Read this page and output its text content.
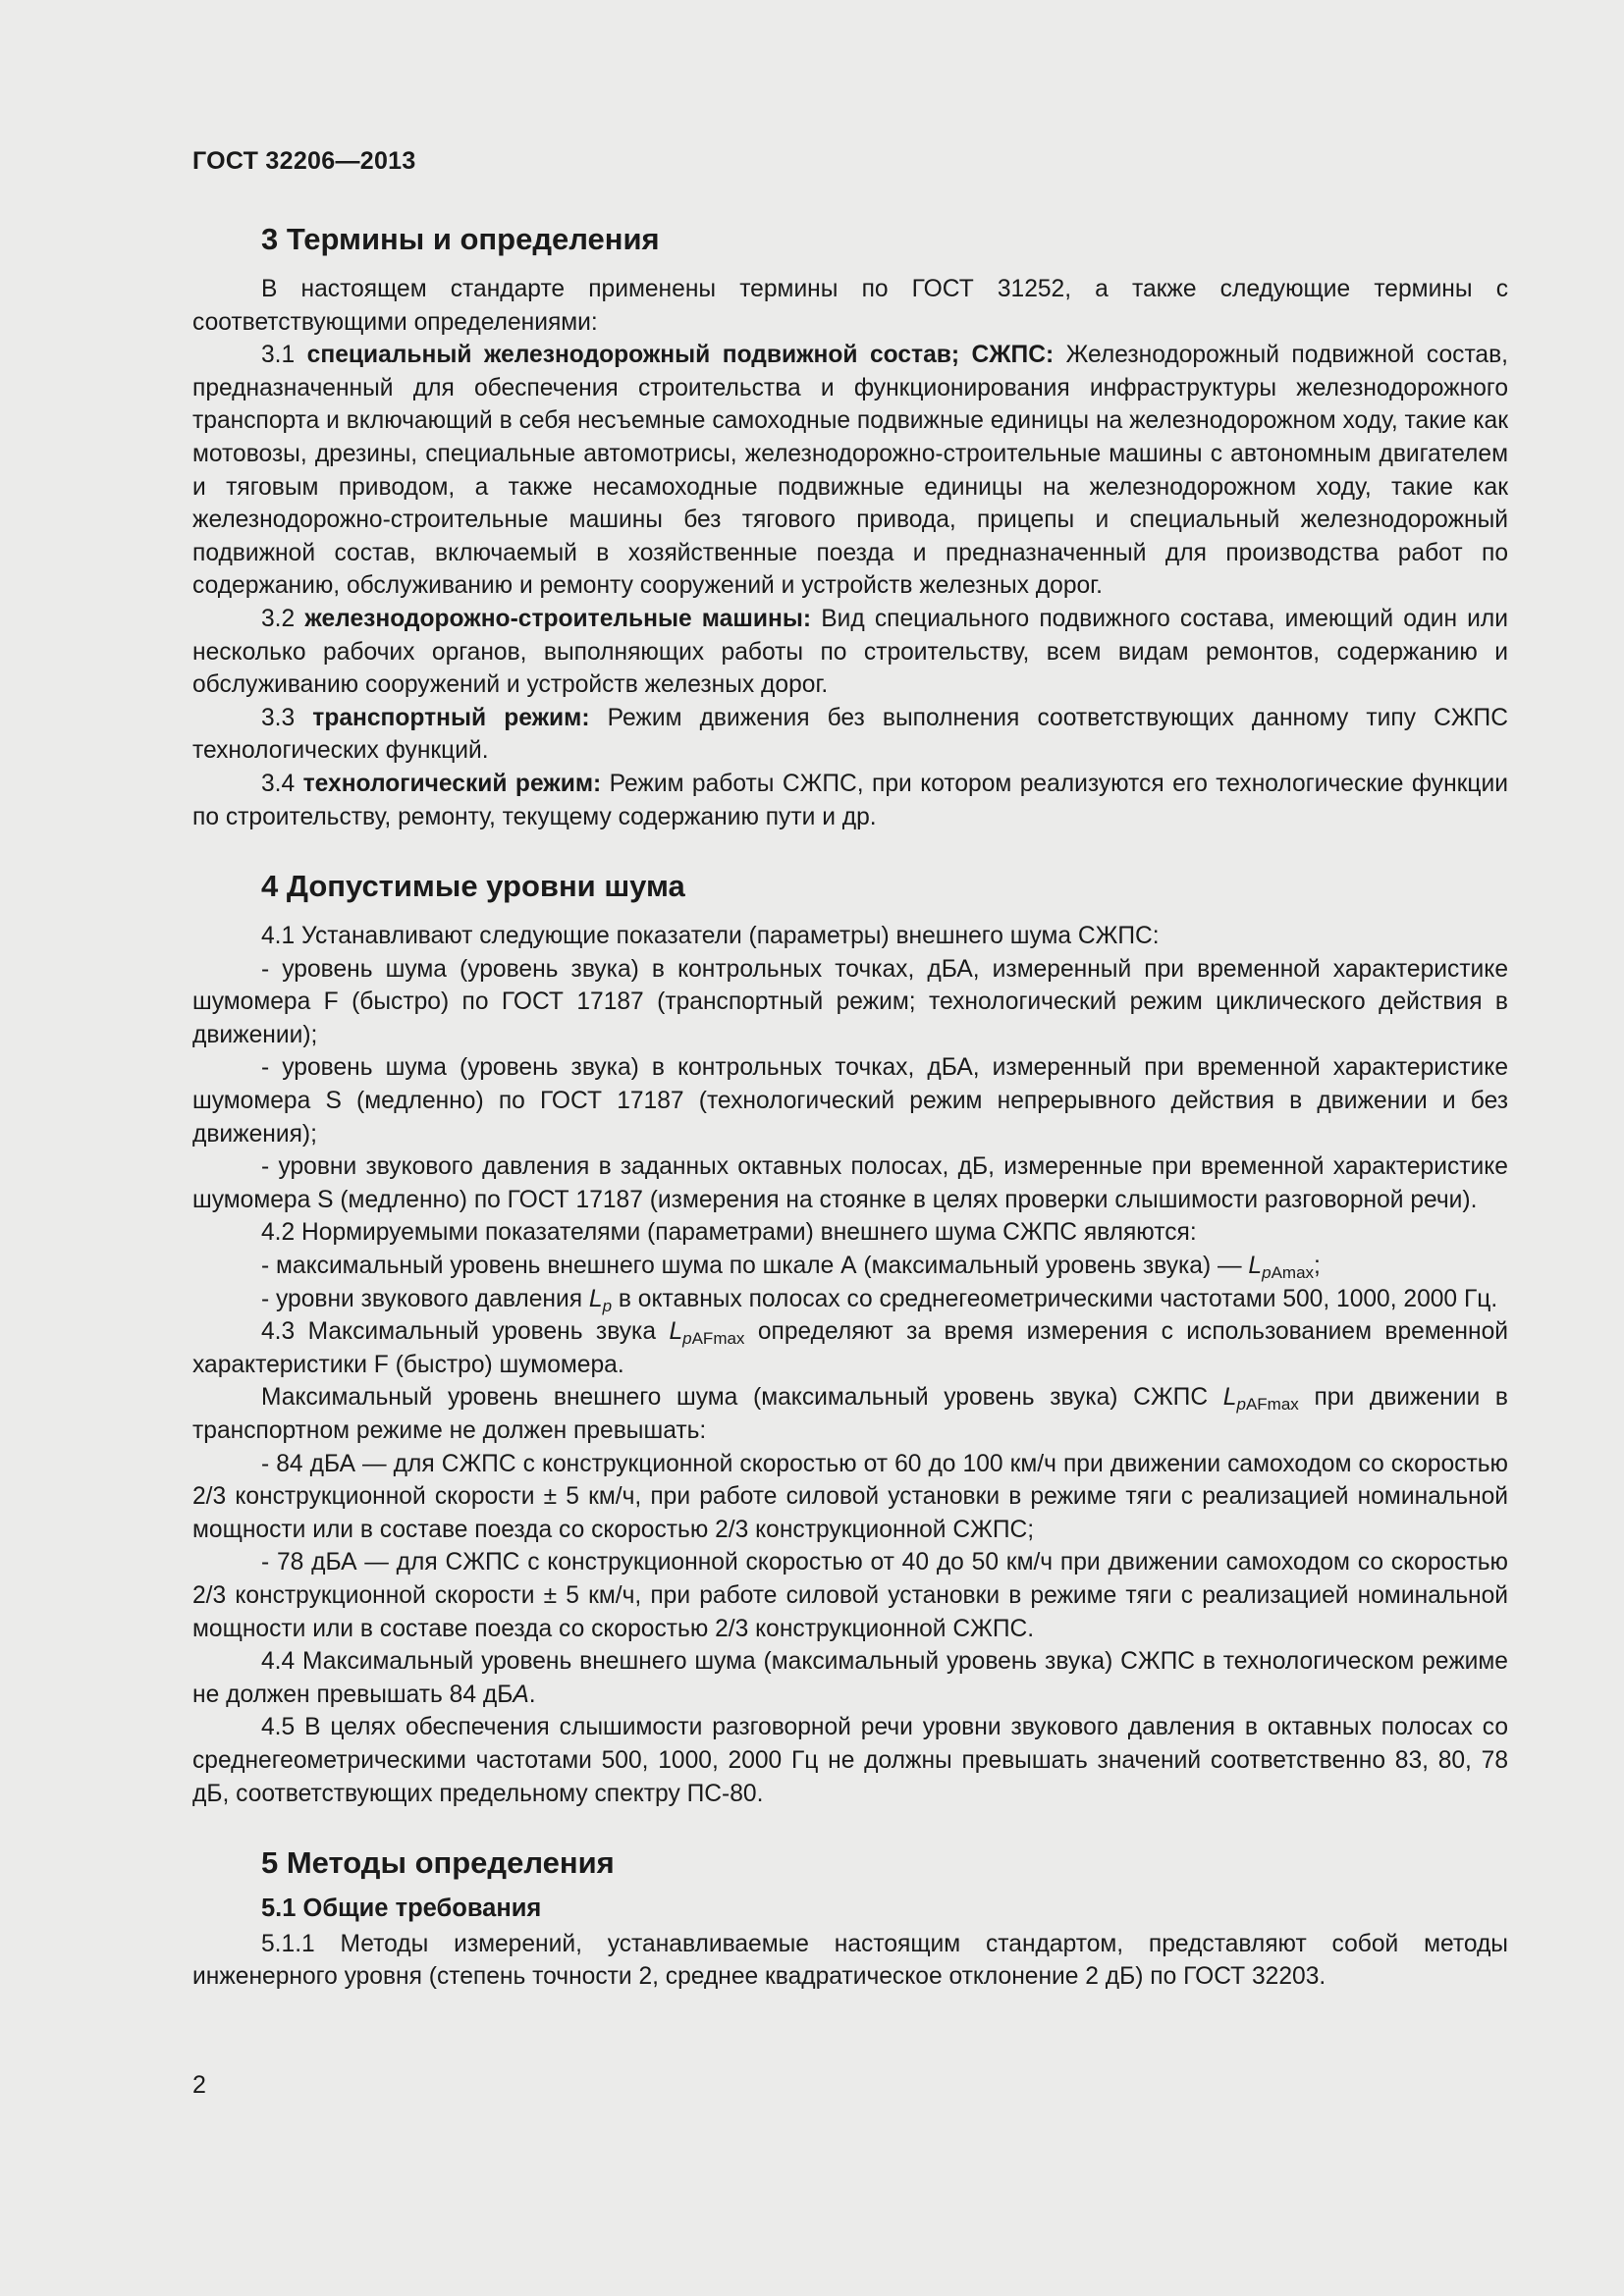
ГОСТ 32206—2013
3 Термины и определения

В настоящем стандарте применены термины по ГОСТ 31252, а также следующие термины с соответствующими определениями:

3.1 специальный железнодорожный подвижной состав; СЖПС: Железнодорожный подвижной состав, предназначенный для обеспечения строительства и функционирования инфраструктуры железнодорожного транспорта и включающий в себя несъемные самоходные подвижные единицы на железнодорожном ходу, такие как мотовозы, дрезины, специальные автомотрисы, железнодорожно-строительные машины с автономным двигателем и тяговым приводом, а также несамоходные подвижные единицы на железнодорожном ходу, такие как железнодорожно-строительные машины без тягового привода, прицепы и специальный железнодорожный подвижной состав, включаемый в хозяйственные поезда и предназначенный для производства работ по содержанию, обслуживанию и ремонту сооружений и устройств железных дорог.

3.2 железнодорожно-строительные машины: Вид специального подвижного состава, имеющий один или несколько рабочих органов, выполняющих работы по строительству, всем видам ремонтов, содержанию и обслуживанию сооружений и устройств железных дорог.

3.3 транспортный режим: Режим движения без выполнения соответствующих данному типу СЖПС технологических функций.

3.4 технологический режим: Режим работы СЖПС, при котором реализуются его технологические функции по строительству, ремонту, текущему содержанию пути и др.

4 Допустимые уровни шума

4.1 Устанавливают следующие показатели (параметры) внешнего шума СЖПС:

- уровень шума (уровень звука) в контрольных точках, дБА, измеренный при временной характеристике шумомера F (быстро) по ГОСТ 17187 (транспортный режим; технологический режим циклического действия в движении);

- уровень шума (уровень звука) в контрольных точках, дБА, измеренный при временной характеристике шумомера S (медленно) по ГОСТ 17187 (технологический режим непрерывного действия в движении и без движения);

- уровни звукового давления в заданных октавных полосах, дБ, измеренные при временной характеристике шумомера S (медленно) по ГОСТ 17187 (измерения на стоянке в целях проверки слышимости разговорной речи).

4.2 Нормируемыми показателями (параметрами) внешнего шума СЖПС являются:

- максимальный уровень внешнего шума по шкале А (максимальный уровень звука) — $L_{pAmax}$;

- уровни звукового давления $L_p$ в октавных полосах со среднегеометрическими частотами 500, 1000, 2000 Гц.

4.3 Максимальный уровень звука $L_{pAFmax}$ определяют за время измерения с использованием временной характеристики F (быстро) шумомера.

Максимальный уровень внешнего шума (максимальный уровень звука) СЖПС $L_{pAFmax}$ при движении в транспортном режиме не должен превышать:

- 84 дБА — для СЖПС с конструкционной скоростью от 60 до 100 км/ч при движении самоходом со скоростью 2/3 конструкционной скорости ± 5 км/ч, при работе силовой установки в режиме тяги с реализацией номинальной мощности или в составе поезда со скоростью 2/3 конструкционной СЖПС;

- 78 дБА — для СЖПС с конструкционной скоростью от 40 до 50 км/ч при движении самоходом со скоростью 2/3 конструкционной скорости ± 5 км/ч, при работе силовой установки в режиме тяги с реализацией номинальной мощности или в составе поезда со скоростью 2/3 конструкционной СЖПС.

4.4 Максимальный уровень внешнего шума (максимальный уровень звука) СЖПС в технологическом режиме не должен превышать 84 дБА.

4.5 В целях обеспечения слышимости разговорной речи уровни звукового давления в октавных полосах со среднегеометрическими частотами 500, 1000, 2000 Гц не должны превышать значений соответственно 83, 80, 78 дБ, соответствующих предельному спектру ПС-80.

5 Методы определения
5.1 Общие требования

5.1.1 Методы измерений, устанавливаемые настоящим стандартом, представляют собой методы инженерного уровня (степень точности 2, среднее квадратическое отклонение 2 дБ) по ГОСТ 32203.

2
